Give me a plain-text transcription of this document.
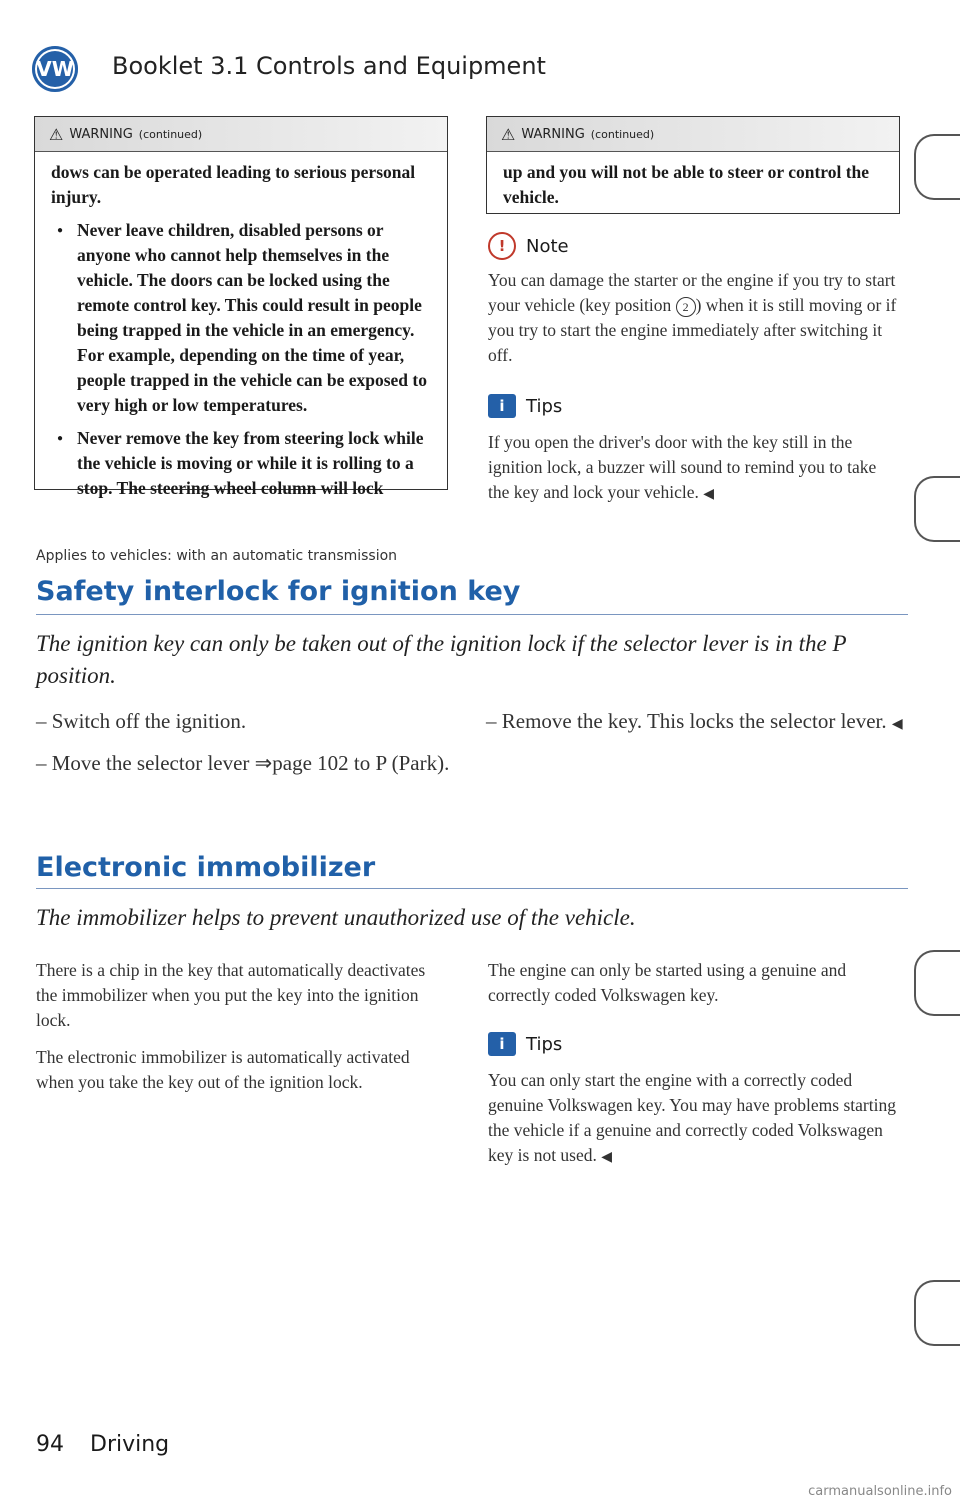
VW Booklet 3.1 Controls and Equipment
⚠ WARNING (continued)

dows can be operated leading to serious personal injury.

● Never leave children, disabled persons or anyone who cannot help themselves in the vehicle. The doors can be locked using the remote control key. This could result in people being trapped in the vehicle in an emergency. For example, depending on the time of year, people trapped in the vehicle can be exposed to very high or low temperatures.

● Never remove the key from steering lock while the vehicle is moving or while it is rolling to a stop. The steering wheel column will lock

⚠ WARNING (continued)

up and you will not be able to steer or control the vehicle.

!	Note
You can damage the starter or the engine if you try to start your vehicle (key position 2 ) when it is still moving or if you try to start the engine immediately after switching it off.
i	Tips
If you open the driver's door with the key still in the ignition lock, a buzzer will sound to remind you to take the key and lock your vehicle. ◀
Applies to vehicles: with an automatic transmission
Safety interlock for ignition key
The ignition key can only be taken out of the ignition lock if the selector lever is in the P position.

– Switch off the ignition.

– Move the selector lever ⇒page 102 to P (Park).

– Remove the key. This locks the selector lever. ◀

Electronic immobilizer
The immobilizer helps to prevent unauthorized use of the vehicle.

There is a chip in the key that automatically deactivates the immobilizer when you put the key into the ignition lock.

The electronic immobilizer is automatically activated when you take the key out of the ignition lock.

The engine can only be started using a genuine and correctly coded Volkswagen key.

i	Tips
You can only start the engine with a correctly coded genuine Volkswagen key. You may have problems starting the vehicle if a genuine and correctly coded Volkswagen key is not used. ◀
94 Driving
carmanualsonline.info
